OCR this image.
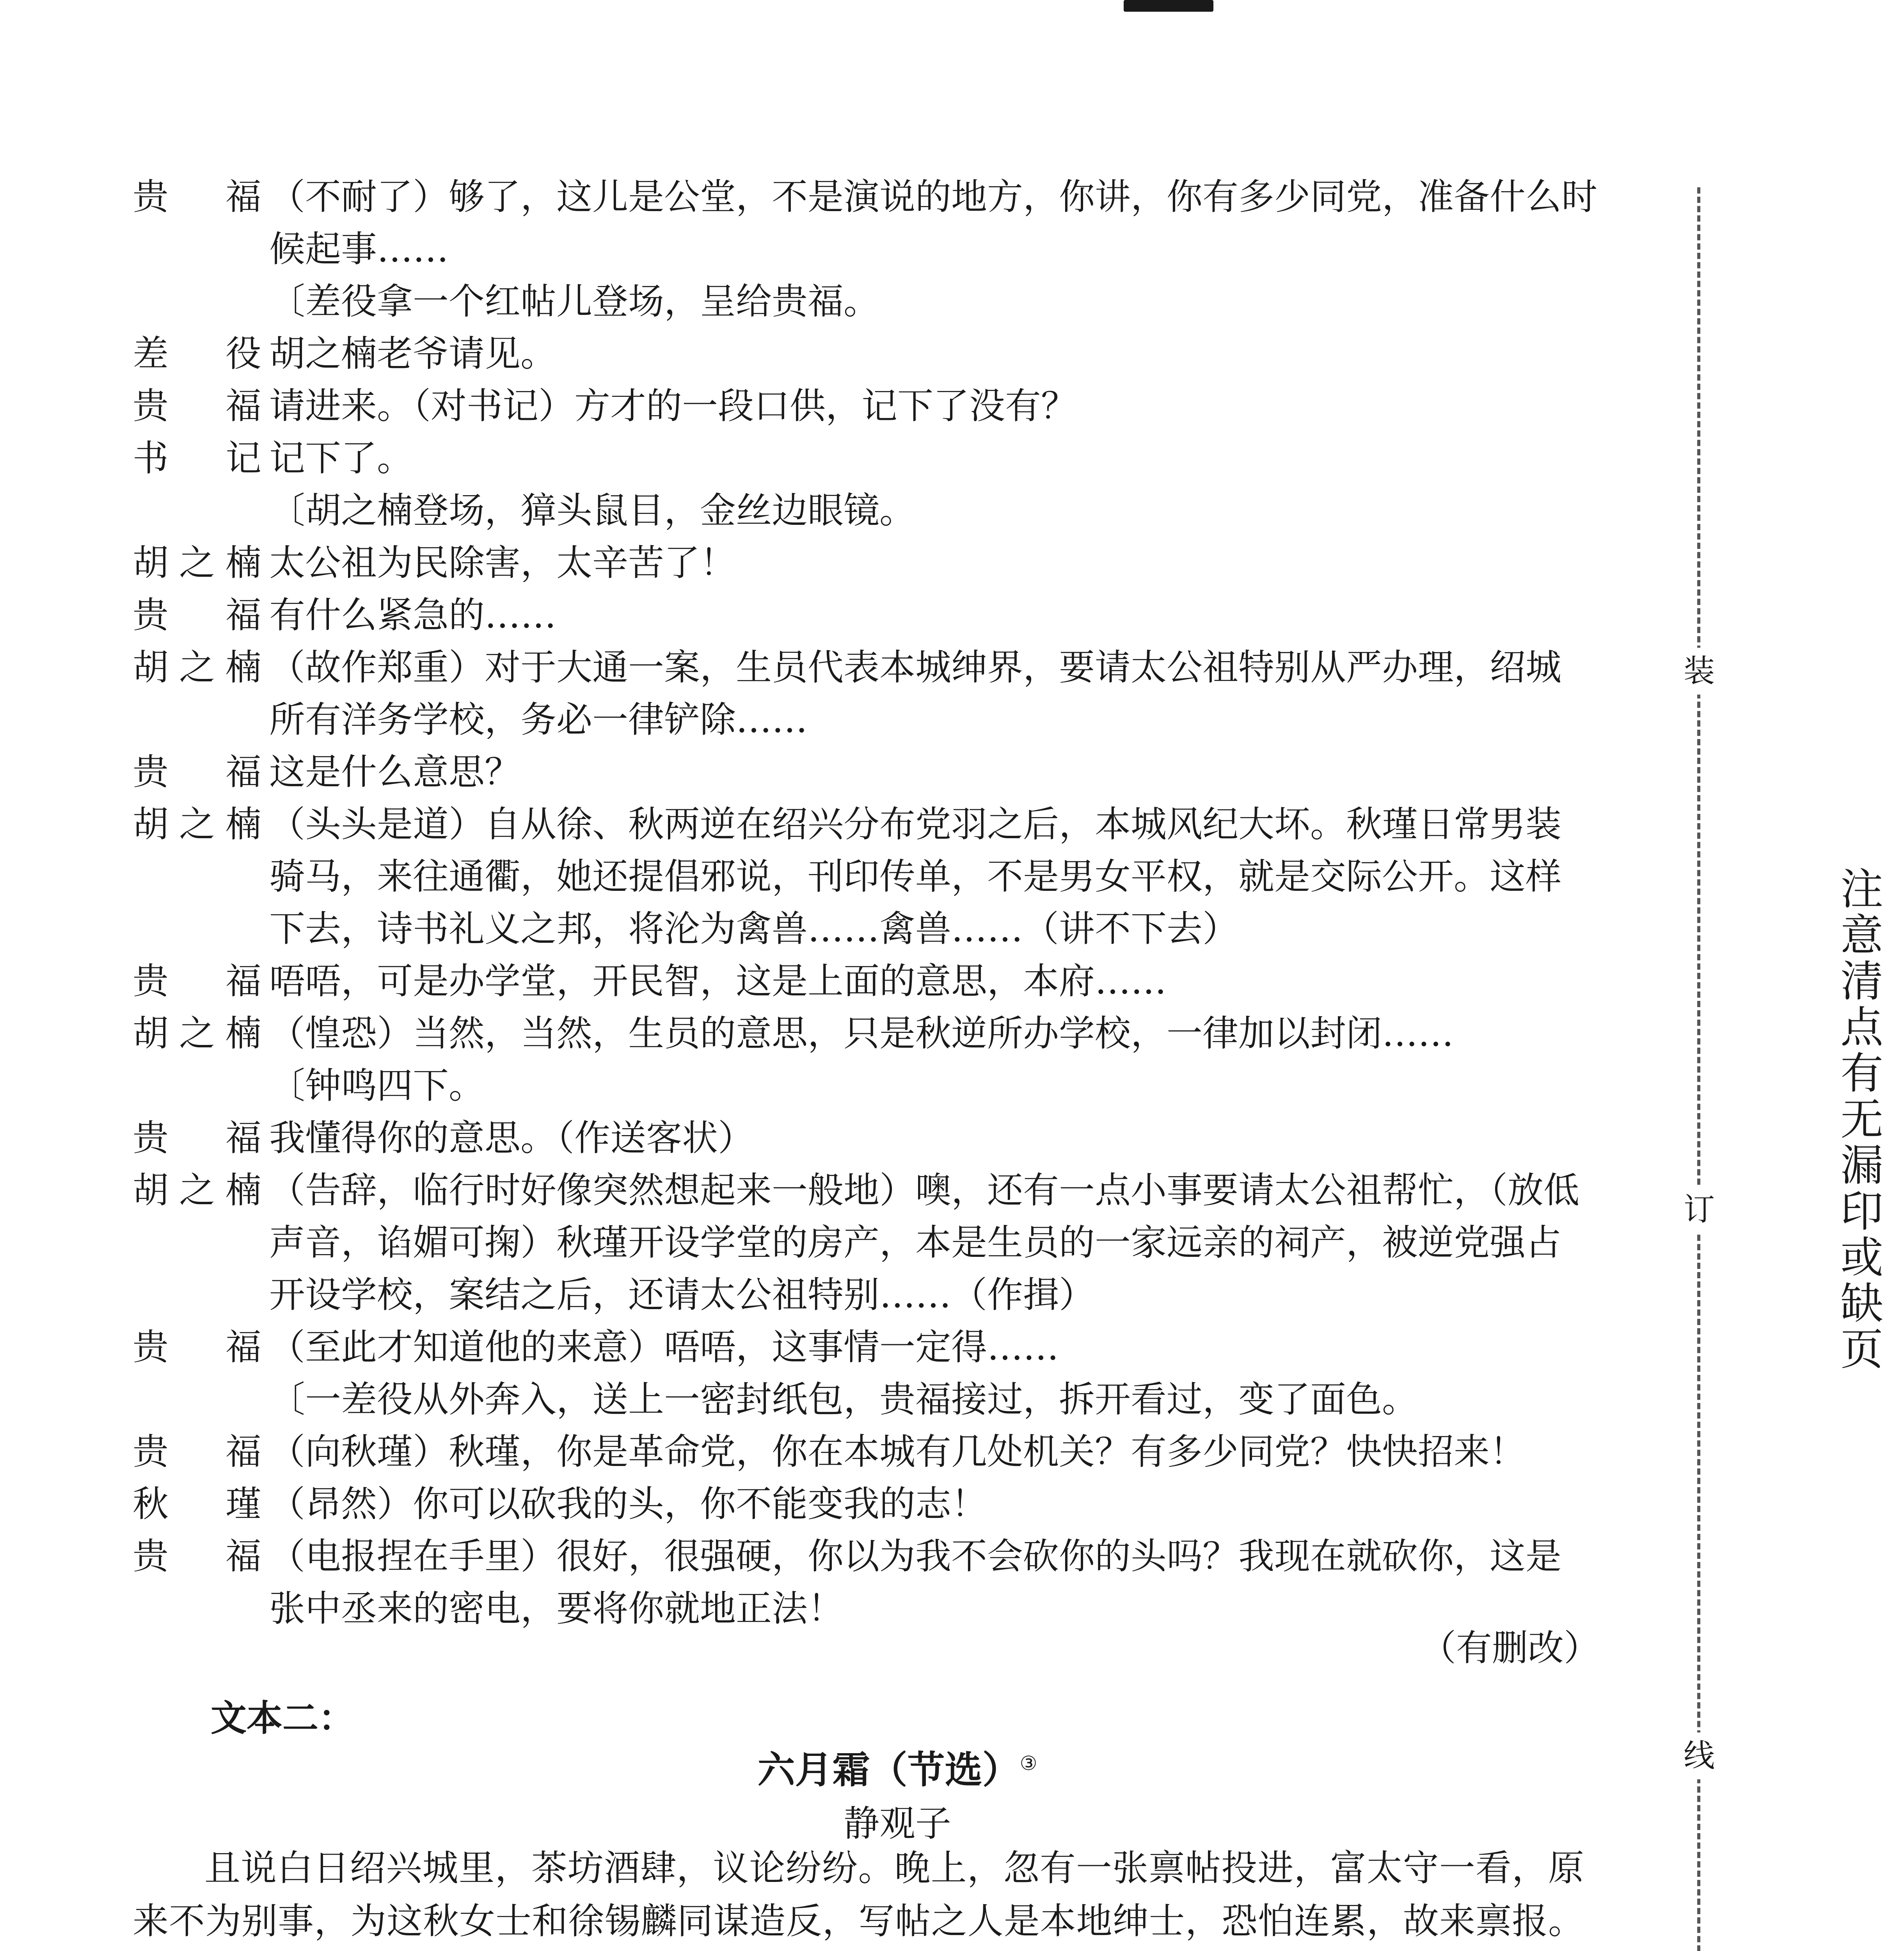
贵　福 （不耐了）够了，这儿是公堂，不是演说的地方，你讲，你有多少同党，准备什么时
候起事……
〔差役拿一个红帖儿登场，呈给贵福。
差　役 胡之楠老爷请见。
贵　福 请进来。（对书记）方才的一段口供，记下了没有？
书　记 记下了。
〔胡之楠登场，獐头鼠目，金丝边眼镜。
胡之楠 太公祖为民除害，太辛苦了！
贵　福 有什么紧急的……
胡之楠 （故作郑重）对于大通一案，生员代表本城绅界，要请太公祖特别从严办理，绍城
所有洋务学校，务必一律铲除……
贵　福 这是什么意思？
胡之楠 （头头是道）自从徐、秋两逆在绍兴分布党羽之后，本城风纪大坏。秋瑾日常男装
骑马，来往通衢，她还提倡邪说，刊印传单，不是男女平权，就是交际公开。这样
下去，诗书礼义之邦，将沦为禽兽……禽兽……（讲不下去）
贵　福 唔唔，可是办学堂，开民智，这是上面的意思，本府……
胡之楠 （惶恐）当然，当然，生员的意思，只是秋逆所办学校，一律加以封闭……
〔钟鸣四下。
贵　福 我懂得你的意思。（作送客状）
胡之楠 （告辞，临行时好像突然想起来一般地）噢，还有一点小事要请太公祖帮忙，（放低
声音，谄媚可掬）秋瑾开设学堂的房产，本是生员的一家远亲的祠产，被逆党强占
开设学校，案结之后，还请太公祖特别……（作揖）
贵　福 （至此才知道他的来意）唔唔，这事情一定得……
〔一差役从外奔入，送上一密封纸包，贵福接过，拆开看过，变了面色。
贵　福 （向秋瑾）秋瑾，你是革命党，你在本城有几处机关？有多少同党？快快招来！
秋　瑾 （昂然）你可以砍我的头，你不能变我的志！
贵　福 （电报捏在手里）很好，很强硬，你以为我不会砍你的头吗？我现在就砍你，这是
张中丞来的密电，要将你就地正法！
（有删改）
文本二：
六月霜（节选）③
静观子
且说白日绍兴城里，茶坊酒肆，议论纷纷。晚上，忽有一张禀帖投进，富太守一看，原来不为别事，为这秋女士和徐锡麟同谋造反，写帖之人是本地绅士，恐怕连累，故来禀报。
装
订
线
注意清点有无漏印或缺页
